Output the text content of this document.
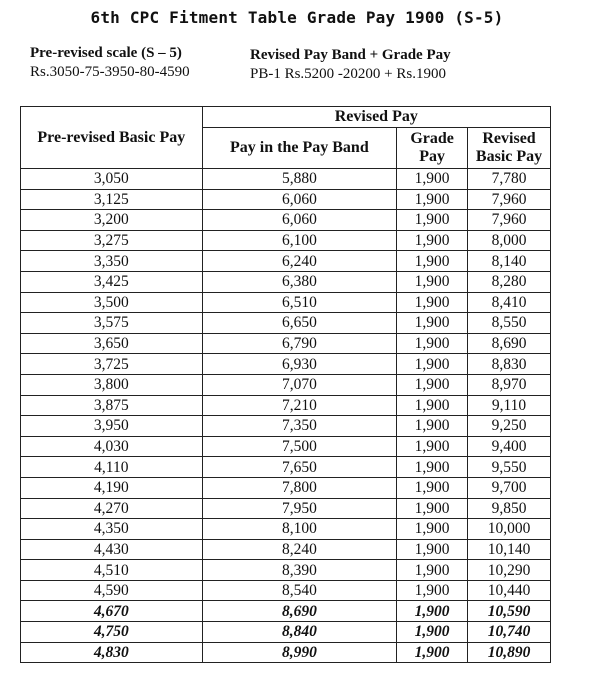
6th CPC Fitment Table Grade Pay 1900 (S-5)
Pre-revised scale (S – 5)
Rs.3050-75-3950-80-4590
Revised Pay Band + Grade Pay
PB-1 Rs.5200 -20200 + Rs.1900
Pre-revised Basic Pay	Revised Pay		
	Pay in the Pay Band	Grade Pay	Revised Basic Pay
3,050	5,880	1,900	7,780
3,125	6,060	1,900	7,960
3,200	6,060	1,900	7,960
3,275	6,100	1,900	8,000
3,350	6,240	1,900	8,140
3,425	6,380	1,900	8,280
3,500	6,510	1,900	8,410
3,575	6,650	1,900	8,550
3,650	6,790	1,900	8,690
3,725	6,930	1,900	8,830
3,800	7,070	1,900	8,970
3,875	7,210	1,900	9,110
3,950	7,350	1,900	9,250
4,030	7,500	1,900	9,400
4,110	7,650	1,900	9,550
4,190	7,800	1,900	9,700
4,270	7,950	1,900	9,850
4,350	8,100	1,900	10,000
4,430	8,240	1,900	10,140
4,510	8,390	1,900	10,290
4,590	8,540	1,900	10,440
4,670	8,690	1,900	10,590
4,750	8,840	1,900	10,740
4,830	8,990	1,900	10,890
